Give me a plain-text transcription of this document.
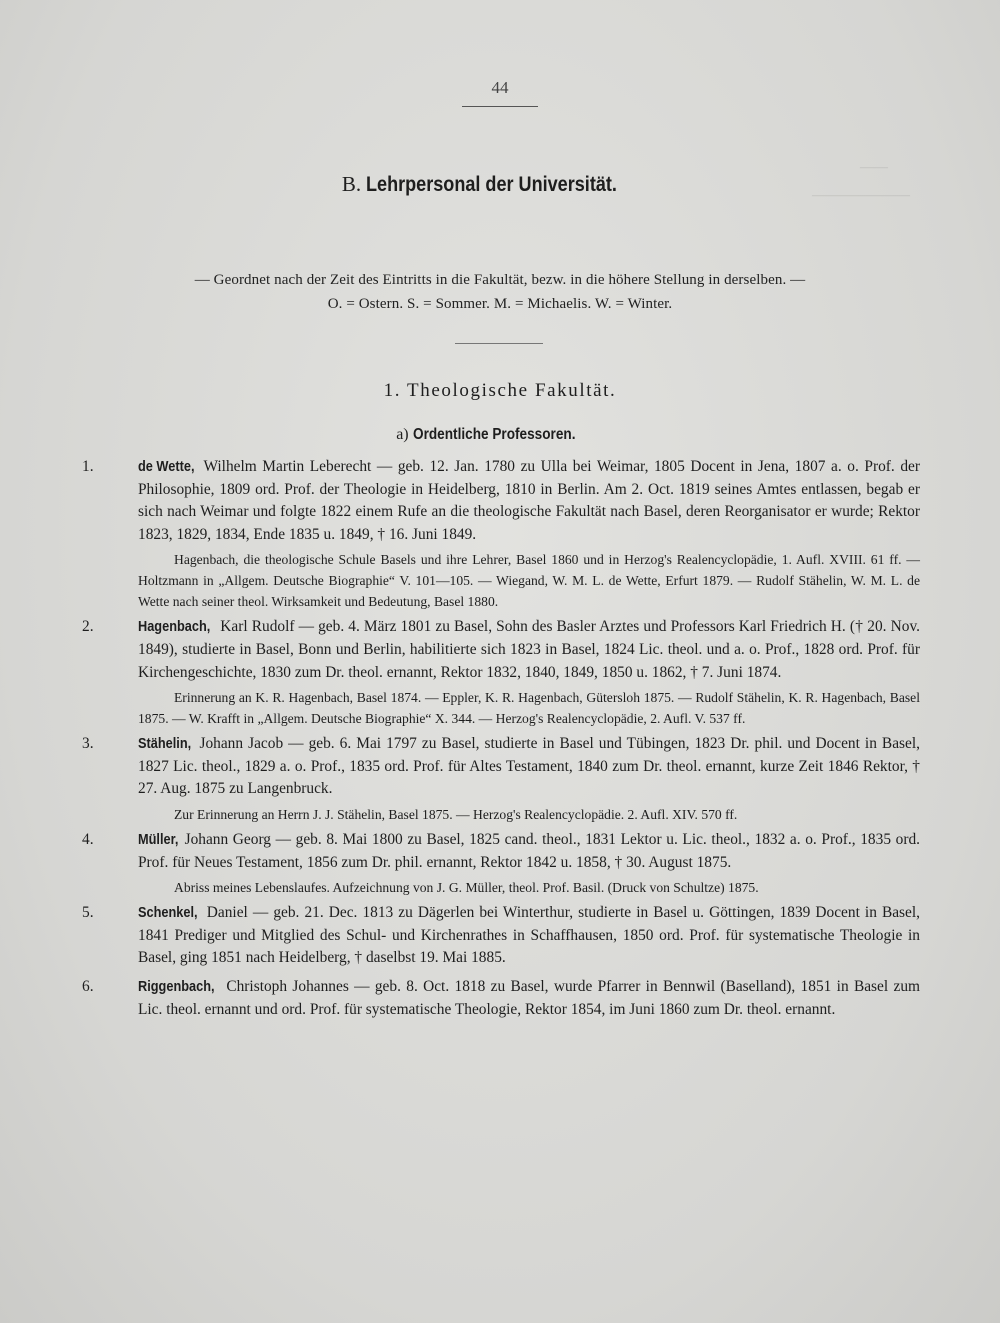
——
———————
44
B. Lehrpersonal der Universität.
— Geordnet nach der Zeit des Eintritts in die Fakultät, bezw. in die höhere Stellung in derselben. —
O. = Ostern. S. = Sommer. M. = Michaelis. W. = Winter.
1. Theologische Fakultät.
a) Ordentliche Professoren.
1.	de Wette, Wilhelm Martin Leberecht — geb. 12. Jan. 1780 zu Ulla bei Weimar, 1805 Docent in Jena, 1807 a. o. Prof. der Philosophie, 1809 ord. Prof. der Theologie in Heidelberg, 1810 in Berlin. Am 2. Oct. 1819 seines Amtes entlassen, begab er sich nach Weimar und folgte 1822 einem Rufe an die theologische Fakultät nach Basel, deren Reorganisator er wurde; Rektor 1823, 1829, 1834, Ende 1835 u. 1849, † 16. Juni 1849.
Hagenbach, die theologische Schule Basels und ihre Lehrer, Basel 1860 und in Herzog's Realencyclopädie, 1. Aufl. XVIII. 61 ff. — Holtzmann in „Allgem. Deutsche Biographie“ V. 101—105. — Wiegand, W. M. L. de Wette, Erfurt 1879. — Rudolf Stähelin, W. M. L. de Wette nach seiner theol. Wirksamkeit und Bedeutung, Basel 1880.
2.	Hagenbach, Karl Rudolf — geb. 4. März 1801 zu Basel, Sohn des Basler Arztes und Professors Karl Friedrich H. († 20. Nov. 1849), studierte in Basel, Bonn und Berlin, habilitierte sich 1823 in Basel, 1824 Lic. theol. und a. o. Prof., 1828 ord. Prof. für Kirchengeschichte, 1830 zum Dr. theol. ernannt, Rektor 1832, 1840, 1849, 1850 u. 1862, † 7. Juni 1874.
Erinnerung an K. R. Hagenbach, Basel 1874. — Eppler, K. R. Hagenbach, Gütersloh 1875. — Rudolf Stähelin, K. R. Hagenbach, Basel 1875. — W. Krafft in „Allgem. Deutsche Biographie“ X. 344. — Herzog's Realencyclopädie, 2. Aufl. V. 537 ff.
3.	Stähelin, Johann Jacob — geb. 6. Mai 1797 zu Basel, studierte in Basel und Tübingen, 1823 Dr. phil. und Docent in Basel, 1827 Lic. theol., 1829 a. o. Prof., 1835 ord. Prof. für Altes Testament, 1840 zum Dr. theol. ernannt, kurze Zeit 1846 Rektor, † 27. Aug. 1875 zu Langenbruck.
Zur Erinnerung an Herrn J. J. Stähelin, Basel 1875. — Herzog's Realencyclopädie. 2. Aufl. XIV. 570 ff.
4.	Müller, Johann Georg — geb. 8. Mai 1800 zu Basel, 1825 cand. theol., 1831 Lektor u. Lic. theol., 1832 a. o. Prof., 1835 ord. Prof. für Neues Testament, 1856 zum Dr. phil. ernannt, Rektor 1842 u. 1858, † 30. August 1875.
Abriss meines Lebenslaufes. Aufzeichnung von J. G. Müller, theol. Prof. Basil. (Druck von Schultze) 1875.
5.	Schenkel, Daniel — geb. 21. Dec. 1813 zu Dägerlen bei Winterthur, studierte in Basel u. Göttingen, 1839 Docent in Basel, 1841 Prediger und Mitglied des Schul- und Kirchenrathes in Schaffhausen, 1850 ord. Prof. für systematische Theologie in Basel, ging 1851 nach Heidelberg, † daselbst 19. Mai 1885.
6.	Riggenbach, Christoph Johannes — geb. 8. Oct. 1818 zu Basel, wurde Pfarrer in Bennwil (Baselland), 1851 in Basel zum Lic. theol. ernannt und ord. Prof. für systematische Theologie, Rektor 1854, im Juni 1860 zum Dr. theol. ernannt.
